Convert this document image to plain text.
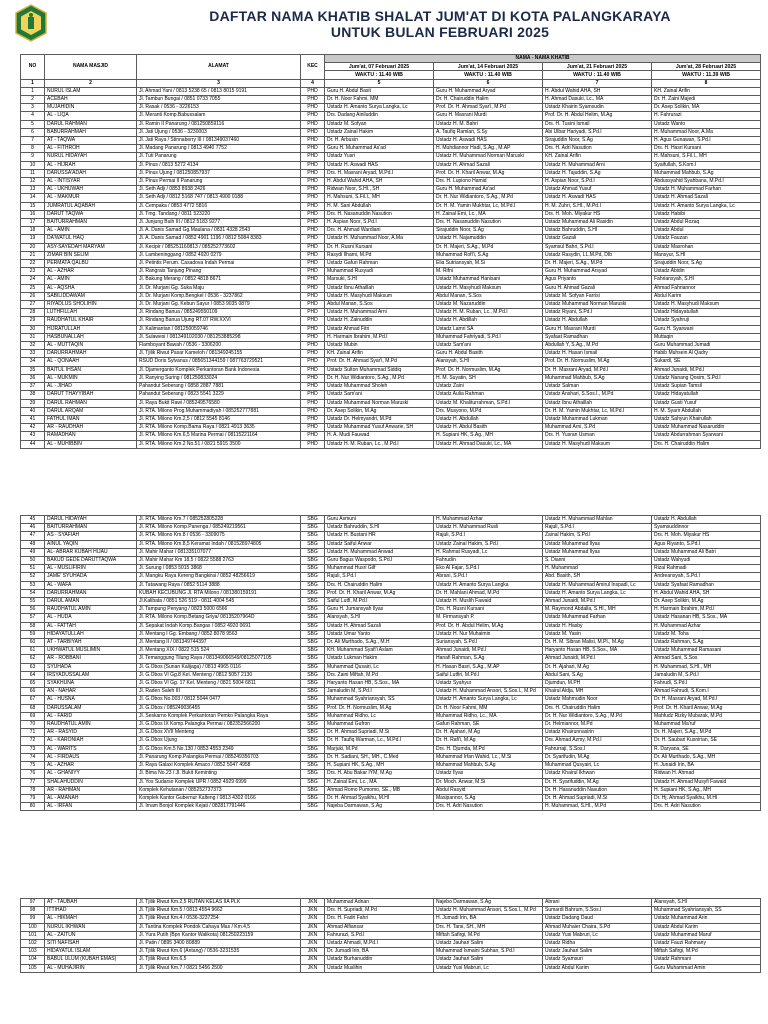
DAFTAR NAMA KHATIB SHALAT JUM'AT DI KOTA PALANGKARAYA
UNTUK BULAN FEBRUARI 2025
NO	NAMA MASJID	ALAMAT	KEC	NAMA - NAMA KHATIB			
				Jum'at, 07 Februari 2025	Jum'at, 14 Februari 2025	Jum'at, 21 Februari 2025	Jum'at, 28 Februari 2025
				WAKTU : 11.40 WIB	WAKTU : 11.40 WIB	WAKTU : 11.40 WIB	WAKTU : 11.39 WIB
1	2	3	4	5	6	7	8
1	NURUL ISLAM	Jl. Ahmad Yani / 0813 5238 65 / 0813 8015 9191	PHD	Guru H. Abdul Basit	Guru H. Muhammad Aryad	H. Abdul Wahid AHA, SH	KH. Zainal Arifin
2	ACEBAH	Jl. Tambun Bungai / 0851 0733 7055	PHD	Dr. H. Noor Fahmi, MM	Dr. H. Chairuddin Halim	H. Ahmad Dasuki, Lc., MA	Dr. H. Zaini Majedi
3	MUJAHIDIN	Jl. Rasak / 0536 - 3226153	PHD	Ustadz H. Amanto Surya Langka, Lc	Prof. Dr. H. Ahmad Syar'i, M.Pd	Ustadz Khairin Syamsudin	Dr. Asep Solikin, MA
4	AL - LIQA	Jl. Meranti Komp.Babussalam	PHD	Drs. Dadang Ainiluddin	Guru H. Masrani Murdi	Prof. Dr. H. Abdul Helim, M.Ag	H. Fahrurazi
5	DARUL RAHMAN	Jl. Ramin II Panarung / 081250859116	PHD	Ustadz M. Sofyan	Ustadz H. M. Bahri	Drs. H. Tusini Ismail	Ustadz Wanto
6	BABURRAHMAH	Jl. Jati Ujung / 0536 - 3230003	PHD	Ustadz Zainal Hakim	A. Taufiq Ramlan, S.Sy	Abi Ulbar Hariyadi, S.Pd.I	H. Muhammad Noor, A.Ma
7	AT - TAQWA	Jl. Jati Raya / Stinnaberry III / 081349037460	PHD	Dr. H. Arbusin	Ustadz H. Aswadi HAS	Sirajuddin Noor, S.Ag	H. Agus Gunawan, S.Pd.I
8	AL - FITHROH	Jl. Madang Panarung / 0813 4940 7752	PHD	Guru H. Muhammad As'ad	H. Muhdiannor Hadi, S.Ag., M.AP	Drs. H. Adri Nasution	Drs. H. Hasri Kursani
9	NURUL HIDAYAH	Jl. Tuti Panarung	PHD	Ustadz Yusri	Ustadz H. Muhammad Norman Maruski	KH. Zainal Arifin	H. Mahsuni, S.Fil.I., MH
10	AL - HIJRAH	Jl. Pinus / 0813 5272 4134	PHD	Ustadz H. Aswadi HAS	Ustadz H. Ahmad Sazali	Ustadz H. Muhammad Arni	Syaifullah, S.Kom.I
11	DARUSSA'ADAH	Jl. Pinus Ujung / 081250857937	PHD	Drs. H. Masrani Aryad, M.Pd.I	Prof. Dr. H. Kharil Anwar, M.Ag	Ustadz H. Tajuddin, S.Ag	Muhammad Mahbub, S.Ag
12	AL - INTISYAR	Jl. Pinus Permai II Panarung	PHD	H. Abdul Wahid AHA, SH	Drs. H. Lupiono Hamid	H. Aspian Noor, S.Pd.I	Abdussyahid Syahbana, M.Pd.I
13	AL - UKHUWAH	Jl. Seth Adji / 0853 8938 2426	PHD	Ridwan Noor, S.HI., SH	Guru H. Muhammad As'ad	Ustadz Ahmad Yusuf	Ustadz H. Muhammad Farhan
14	AL - MAKMUR	Jl. Seth Adji / 0812 5168 747 / 0813 4900 0188	PHD	H. Mahsuni, S.Fil.I., MH	Dr. H. Nur Widiantoro, S.Ag., M.Pd	Ustadz H. Aswadi HAS	Ustadz H. Ahmad Sazali
15	JUMRATUL AQABAH	Jl. Cempaka / 0853 4772 5816	PHD	H. M. Sani Abdullah	Dr. H. M. Yamin Mukhtar, Lc, M.Pd.I	H. M. Zuhri, S.HI., M.Pd.I	Ustadz H. Amanto Surya Langka, Lc
16	DARUT TAQWA	Jl. Tmg. Tandang / 0811 523220	PHD	Drs. H. Nasanuddin Nasution	H. Zainal Emi, Lc., MA	Drs. H. Moh. Miyakur HS	Ustadz Habibi
17	BAITURRAHMAN	Jl. Junjung Buih III / 0812 5183 9277	PHD	H. Aspian Noor, S.Pd.I	Drs. H. Nasanuddin Nasution	Ustadz Muhammad Ali Rasidin	Ustadz Abdul Rozaq
18	AL - AMIN	Jl. A. Danis Samad Gg.Maulana / 0831 4328 2543	PHD	Drs. H. Ahmad Wardiani	Sirajuddin Noor, S.Ag	Ustadz Bahruddin, S.HI	Ustadz Abdul
19	DA'WATUL HAQ	Jl. A. Danis Samad / 0852 4901 1196 / 0812 5084 8383	PHD	Ustadz H. Muhammad Noor, A.Ma	Ustadz H. Najamuddin	Ustadz Gazali	Ustadz Fauzan
20	ASY-SAYEDAH MARYAM	Jl. Kecipir / 085251160813 / 085252773602	PHD	Dr. H. Rusni Kursani	Dr. H. Majeri, S.Ag., M.Pd	Syamsul Bahri, S.Pd.I	Ustadz Masrohan
21	ZIMAR BIN SELIM	Jl. Lambeninggang / 0852 4920 0279	PHD	Rasydi Ilhami, M.Pd	Muhammad Rofi'i, S.Ag	Ustadz Rasydin, LL.M.Pd, DIb	Mansyur, S.HI
22	PERMATA QALBU	Jl. Petintis Perum. Casadova Indah Permai	PHD	Ustadz Gafuri Rahman	Elia Sutriansyah, M.Si	Dr. H. Majeri, S.Ag., M.Pd	Sirajuddin Noor, S.Ag
23	AL - AZHAR	Jl. Rangrais Tanjung Pinang	PHD	Muhammad Rusyadi	M. Rifni	Guru H. Muhammad Arsyad	Ustadz Abidin
24	AL - AMIN	Jl. Bakung Merang / 0852 4818 8671	PHD	Marsuki, S.HI	Ustadz Muhammad Hanisani	Agus Priyanto	Fahriansyah, S.HI
25	AL - AQSHA	Jl. Dr. Murjani Gg. Suka Maju	PHD	Ustadz Ibnu Athaillah	Ustadz H. Masyhudi Maksum	Guru H. Ahmad Gazali	Ahmad Fahriannor
26	SABILIDDAWAM	Jl. Dr. Murjani Komp.Bengkel / 0536 - 3237862	PHD	Ustadz H. Masyhudi Maksum	Abdul Manan, S.Sos	Ustadz M. Sofyan Farrisi	Abdul Karim
27	RIYADLUS SHOLIHIN	Jl. Dr. Murjani Gg. Kebun Sayur / 0853 9035 0879	PHD	Abdul Manan, S.Sos	Ustadz M. Nazaruddin	Ustadz Muhammad Norman Maruski	Ustadz H. Masyhudi Maksum
28	LUTHFILLAH	Jl. Rindang Banua / 085249550109	PHD	Ustadz H. Muhammad Arni	Ustadz H. M. Ruban, Lc., M.Pd.I	Ustadz Riyani, S.Pd.I	Ustadz Hidayatullah
29	RAUDHATUL KHAIR	Jl. Rindang Banua Ujung RT.07 RW.XXVI	PHD	Ustadz H. Zainuddin	Ustadz H. Abdillah	Ustadz H. Abdullah	Ustadz Syahruji
30	HIJRATULLAH	Jl. Kalimantan / 081250059746	PHD	Ustadz Ahmad Fitri	Ustadz Lamri SA	Guru H. Masrani Murdi	Guru H. Syarwani
31	HASBUNALLAH	Jl. Sulawesi / 081349102030 / 081253885298	PHD	H. Harmain Ibrahim, M.Pd.I	Muhammad Fahriyadi, S.Pd.I	Syafaat Ramadhan	Muttaqin
32	AL - MUTTAQIN	Flamboyant Bawah / 0536 - 3306200	PHD	Ustadz Mubin	Ustadz Sam'ani	Abdullah Y, S.Ag., M.Pd	Guru Muhammad Jumadi
33	DARURRAHMAH	Jl. Tjilik Riwut Pasar Kameloh / 081349245155	PHD	KH. Zainal Arifin	Guru H. Abdul Basith	Ustadz H. Hasan Ismail	Habib Muhsein Al Qadry
34	AL - QONAAH	RSUD Doris Sylvanus / 085651344159 / 087763729521	PHD	Prof. Dr. H. Ahmad Syar'i, M.Pd	Alansyah, S.HI	Prof. Dr. H. Normuslim, M.Ag	Sukardi, SE
35	BAITUL IHSAN	Jl. Djamerganto Komplek Perkantoran Bank Indonesia	PHD	Ustadz Sulton Muhammad Siddiq	Prof. Dr. H. Normuslim, M.Ag	Dr. H. Masrani Aryad, M.Pd.I	Ahmad Junaidi, M.Pd.I
36	AL - MUKMIN	Jl. Ranying Suring / 081250833024	PHD	Dr. H. Nur Widiantoro, S.Ag., M.Pd	H. M. Suyatin, SH	Muhammad Mahbub, S.Ag	Ustadz Nanang Qosim, S.Pd.I
37	AL - JIHAD	Pahandut Seberang / 0858 2887 7881	PHD	Ustadz Muhammad Sholeh	Ustadz Zaini	Ustadz Salman	Ustadz Supian Tamsil
38	DARUT THAYYIBAH	Pahandut Seberang / 0823 5541 3229	PHD	Ustadz Sam'ani	Ustadz Aulia Rahman	Ustadz Anshari, S.Sos.I., M.Pd	Ustadz Hidayatullah
39	DARUL RAHMAN	Jl. Raya Bukit Rawi / 085249576580	PHD	Ustadz Muhammad Norman Maruski	Ustadz M. Khaliturrahman, S.Pd.I	Ustadz Ibnu Athaillah	Ustadz Gusti Yusuf
40	DARUL ARQAM	Jl. RTA. Milono Prog.Muhammadiyah / 085252777881	PHD	Dr. Asep Solikin, M.Ag	Drs. Musyono, M.Pd	Dr. H. M. Yamin Mukhtar, Lc, M.Pd.I	H. M. Syarir Abdullah
41	FATHUL IMAN	Jl. RTA. Milono Km.2,5 / 0812 5545 8146	PHD	Ustadz Dr. Helmyandri, M.Pd	Ustadz H. Abdullah	Ustadz Muhammad Lukman	Ustadz Sahyun Khairullah
42	AR - RAUDHAH	Jl. RTA. Milono Komp.Bama Raya / 0821 4913 3635	PHD	Ustadz Muhammad Yusuf Anwarie, SH	Ustadz H. Abdul Basith	Muhammad Arni, S.Pd	Ustadz Muhammad Nasaruddin
43	RAMADHAN	Jl. RTA. Milono Km.6,5 Marina Permai / 08115221164	PHD	H. A. Mudi Fauwad	H. Supiani HK, S.Ag., MH	Drs. H. Yusran Usman	Ustadz Abdurrahman Syarwani
44	AL - MUHIBBIN	Jl. RTA. Milono Km.2 No.51 / 0821 5915 3500	PHD	Ustadz H. M. Ruban, Lc., M.Pd.I	Ustadz H. Ahmad Dasuki, Lc., MA	Ustadz H. Masyhudi Maksum	Drs. H. Chairuddin Halim
45	DARUL HIDAYAH	Jl. RTA. Milono Km.7 / 085252805228	SBG	Guru Asmuni	H. Muhammad Azhar	Ustadz H. Muhammad Mahlan	Ustadz H. Abdullah
46	BAITURRAHMAN	Jl. RTA. Milono Komp.Panenga / 085249219561	SBG	Ustadz Bahruddin, S.HI	Ustadz H. Muhammad Rusli	Rajuli, S.Pd.I	Syamsuddinnor
47	AS - SYAFIAH	Jl. RTA. Milono Km.8 / 0536 - 3309075	SBG	Ustadz H. Bustani HR	Rajuli, S.Pd.I	Zainal Hakim, S.Pd.I	Drs. H. Moh. Miyakur HS
48	AINUL YAQIN	Jl. RTA. Milono Km.8,5 Keramat Indah / 081528974805	SBG	Ustadz Saiful Anwar	Ustadz Zainal Hakim, S.Pd.I	Ustadz Muhammad Ilyas	Agus Riyanto, S.Pd.I
49	AL- ABRAR KUBAH HIJAU	Jl. Mahir Mahar / 081335107077	SBG	Ustadz H. Muhammad Anwad	H. Rahmat Rusyadi, Lc	Ustadz Muhammad Ilyas	Ustadz Muhammad Ali Batri
50	BAKUD GEDE DARUTTAQWA	Jl. Mahir Mahar Km 18,5 / 0822 5588 2763	SBG	Guru Bagus Waspodo, S.Pd.I	Fahrudin	S. Dianni	Ustadz Wahyudi
51	AL - MUSLIFIRIN	Jl. Surung / 0853 5015 3868	SBG	Muhammad Husri Gilf	Eko Al Fajar, S.Pd.I	H. Muhammad	Rizal Rahmadi
52	JAME' SYUHADA	Jl. Mangku Raya Kereng Bangkirai / 0852 48256619	SBG	Rajuli, S.Pd.I	Abrani, S.Pd.I	Abd. Basith, SH	Andreansyah, S.Pd.I
53	AL - WAFA	Jl. Tatawang Raya / 0852 5114 3888	SBG	Drs. H. Chairuddin Halim	Ustadz H. Amanto Surya Langka	Ustadz H. Muhammad Amirul Inspadi, Lc	Ustadz Syafaat Ramadhan
54	DARURRAHMAN	KUBAH KECUBUNG Jl. RTA Milono / 081380159191	SBG	Prof. Dr. H. Kharil Anwar, M.Ag	Dr. H. Mahlani Ahmad, M.Pd	Ustadz H. Amanto Surya Langka, Lc	H. Abdul Wahid AHA, SH
55	DARUL AMAN	Jl.Kalibata / 0851 526 519 - 0811 4004 545	SBG	Saiful Lutfi, M.Pd.I	Ustadz H. Muslih Fawaid	Ahmad Junaidi, M.Pd.I	Dr. Asep Solikin, M.Ag
56	RAUDHATUL AMIN	Jl. Tampung Penyang / 0823 5000 6566	SBG	Guru H. Jumansyah Ilyas	Drs. H. Rusni Kursani	M. Raymond Abdalla, S.HI., MH	H. Harmain Ibrahim, M.Pd.I
57	AL - HUDA	Jl. RTA. Milono Komp.Betang Griya/ 08135207964D	SBG	Alansyah, S.HI	M. Firmansyah P.	Ustadz Muhammad Farhan	Ustadz Hasanan HB, S.Sos., MA
58	AL - FATTAH	Jl. Sepakat Indah Komp.Bangas / 0852 4920 0691	SBG	Ustadz H. Ahmad Sazali	Prof. Dr. H. Abdul Helim, M.Ag	Ustadz H. Hasby	H. Muhammad Azhar
59	HIDAYATULLAH	Jl. Mentang I Gg. Embang / 0852 8078 9563	SBG	Ustadz Umar Yanto	Ustadz H. Nur Muhaimin	Ustadz M. Yasin	Ustadz M. Toha
60	AT - TARBIYAH	Jl. Mentang II / 081349744397	SBG	Dr. Ali Murthado, S.Ag., M.H	Suriansyah, S.Pd.I	Dr. H. M. Sibran Malisi, M.PI., M.Ag	Ustadz Rahman, S.Ag
61	UKHWATUL MUSLIMIN	Jl. Mentang XIX / 0822 515 524	SBG	KH. Muhammad Syafi'i Aslam	Ahmad Junaidi, M.Pd.I	Haryanto Hasan HB, S.Sos., MA	Ustadz Muhammad Ramasani
62	AR - ROBBANI	Jl. Temanggung Tilung Raya / 081349066549/08125077105	SBG	Ustadz Lukman Hakim	Hanafi Rahman, S.Ag	Ahmad Junaidi, M.Pd.I	Ahmad Sani, S.Sos
63	SYUHADA	Jl. G.Obos (Sunan Kalijaga) / 0813 4965 0116	SBG	Muhammad Qusairi, Lc	H. Hasan Basri, S.Ag., M.AP	Dr. H. Ajahari, M.Ag	H. Muhammad, S.HI., MH
64	IRSYADUSSALAM	Jl. G.Obos VI Gg.8 Kel. Menteng / 0812 5057 2130	SBG	Drs. Zaini Miftah, M.Pd	Saiful Lutfiri, M.Pd.I	Abdul Sani, S.Ag	Jamaludin M, S.Pd.I
65	SYAKHUNA	Jl. G.Obos VI Gg. 17 Kel. Menteng / 0821 5004 6811	SBG	Haryanto Hasan HB, S.Sos., MA	Ustadz Syahyur	Djumdun, M.PH	Fahrudi, S.Pd.I
66	AN - NAHAR	Jl. Raden Saleh III	SBG	Jamaludin M, S.Pd.I	Ustadz H. Muhammad Ansori, S.Sos.I., M.Pd	Khairul Aldja, MH	Ahmad Fahrudi, S.Kom.I
67	AL - HUSNA	Jl. G.Obos No.003 / 0812 5044 0477	SBG	Muhammad Syahriansyah, SS	Ustadz H. Amanto Surya Langka, Lc	Ustadz Mahmudin Noor	Dr. H. Masrani Aryad, M.Pd.I
68	DARUSSALAM	Jl. G.Obos / 085249036455	SBG	Prof. Dr. H. Normuslim, M.Ag	Dr. H. Noor Fahmi, MM	Drs. H. Chairuddin Halim	Prof. Dr. H. Kharil Anwar, M.Ag
69	AL - FARID	Jl. Seskarno Komplek Perkantoran Pemko Palangka Raya	SBG	Muhammad Ridho, Lc	Muhammad Ridho, Lc., MA	Dr. H. Nur Widiantoro, S.Ag., M.Pd	Mahfudz Rizky Mubarak, M.Pd
70	RAUDHATUL AMIN	Jl. G.Obos IX Komp.Palangka Permai / 082352566200	SBG	Muhammad Gufron	Gafuri Rahman, SE	Dr. Helmiannor, M.Pd	Muhammad Ma'ruf
71	AR - RASYID	Jl. G.Obos XVII Menteng	SBG	Dr. H. Ahmad Supriadi, M.Si	Dr. H. Ajahari, M.Ag	Ustadz Khairunnasirin	Dr. H. Majeri, S.Ag., M.Pd
72	AL - KARONIAH	Jl. G.Obos Ujung	SBG	Dr. H. Taufiq Warman, Lc., M.Pd.I	Dr. H. Rafi'i, M.Ag	Drs. Ahmad Azmy, M.Pd.I	Dr. H. Saubari Kusnirian, SE
73	AL - WARITS	Jl. G.Obos Km.5 No.130 / 0853 4553 2349	SBG	Marjuki, M.Pd	Drs. H. Djumda, M.Pd	Fahrurraji, S.Sos.I	R. Daryana, SE
74	AL - FIRDAUS	Jl. Panarung Komp.Palangka Permai / 085249356703	SBG	Dr. H. Sadiani, SH., MH., C.Med	Muhammad Irfan Wahid, Lc., M.Si	Dr. Syarifudin, M.Ag	Dr. Ali Murthado, S.Ag., MH
75	AL - AZHAR	Jl. Raya Galaxi Komplek Amaco / 0852 5047 4958	SBG	H. Supiani HK, S.Ag., MH	Muhammad Mahbub, S.Ag	Muhammad Qusyairi, Lc	H. Junaidi Irin, BA
76	AL - GHANIYY	Jl. Bima No.23 / Jl. Bukit Keminting	SBG	Drs. H. Abu Bakar IYM, M.Ag	Ustadz Ilyas	Ustadz Khairul Ikhwan	Ridwan H. Ahmad
77	SHALAHUDDIN	Jl. Yos Sudarso Komplek UPR / 0852 4929 6999	SBG	H. Zainal Emi, Lc., MA	Dr. Moch. Anwar, M.Si	Dr. H. Syarifuddin, M.Ag	Ustadz H. Ahmad Musyfi Fawaid
78	AR - RAHMAN	Komplek Kehutanan / 085252737373	SBG	Ahmad Romo Pumomo, SE., MB	Abdul Rasyid	Dr. H. Hasanuddin Nasution	H. Supiani HK, S.Ag., MH
79	AL - AMANAH	Komplek Kantor Gubernur Kalteng / 0813 4302 0166	SBG	Dr. H. Ahmad Syaikhu, M.HI	Masipannor, S.Ag	Dr. H. Ahmad Supriadi, M.Si	Dr. Hj. Ahmad Syaikhu, M.HI
80	AL - IRFAN	Jl. Imam Bonjol Komplek Kejati / 082817791446	SBG	Najeba Darmawan, S.Ag	Drs. H. Adri Nasution	H. Muhammad, S.HI., M.Pd	Drs. H. Adri Nasution
97	AT - TAUBAH	Jl. Tjilik Riwut Km.2,5 RUTAN KELAS IIA PLK	JKN	Muhammad Adnan	Najebo Darmawan, S.Ag	Abrani	Alansyah, S.HI
98	ITTIHAD	Jl. Tjilik Riwut Km.5 / 0813 4554 9662	JKN	Drs. H. Supriadi, M.Pd	Ustadz H. Muhammad Ansori, S.Sos.I., M.Pd	Sumardi Bahrum, S.Sos.I	Muhammad Syahriansyah, SS
99	AL - HIKMAH	Jl. Tjilik Riwut Km.4 / 0536-3237254	JKN	Drs. H. Fadri Fahri	H. Jumadi Irin, BA	Ustadz Dadang Daud	Ustadz Muhammad Arin
100	NURUL IKHWAN	Jl. Tantina Komplek Pondok Cahaya Mas / Km.4,5	JKN	Ahmad Alfiansar	Drs. H. Tarsi, SH., MH	Ahmad Muhaier Chaira, S.Pd	Ustadz Abdul Karim
101	AL - ZAITUN	Jl. Yura Putih (Bpn Kantor Walikota) 081250223159	JKN	Fahrurazi, S.Pd.I	Miftah Safirgi, M.Pd	Ustadz Yusi Mabruri, Lc	Ustadz Muhammad Maruf
102	SITI NAFISAH	Jl. Patin / 0895 3400 80889	JKN	Ustadz Ahmadi, M.Pd.I	Ustadz Jauhari Salim	Ustadz Ridha	Ustadz Fauzi Rahmany
103	HIDAYATUL ISLAM	Jl. Tjilik Riwut Km.6 (Antang) / 0536-3231535	JKN	Dr. Jumadi Irin, BA	Muhammad Ismaini Subhan, S.Pd.I	Ustadz Jauhari Salim	Miftah Safirgi, M.Pd
104	BABUL ULUM (KUBAH EMAS)	Jl. Tjilik Riwut Km.6,5	JKN	Ustadz Burhanuddin	Ustadz Jauhari Salim	Ustadz Syamsuri	Ustadz Rahmani
105	AL - MUHAJIRIN	Jl. Tjilik Riwut Km.7 / 0821 5456 2500	JKN	Ustadz Muslihin	Ustadz Yusi Mabruri, Lc	Ustadz Abdul Karim	Guru Muhammad Amin
